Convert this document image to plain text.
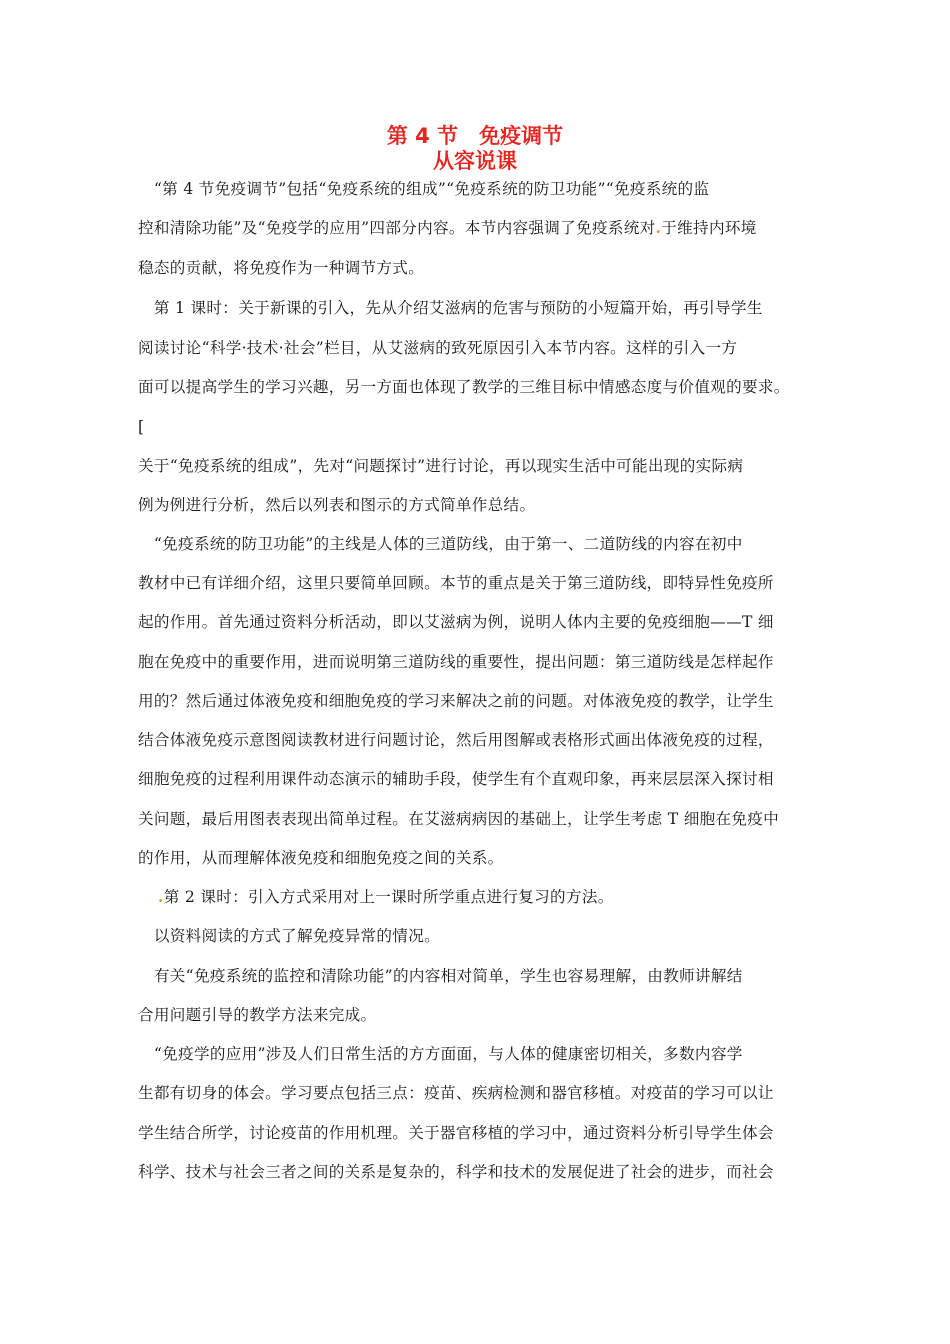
第 4 节　免疫调节
从容说课
　“第 4 节免疫调节”包括“免疫系统的组成”“免疫系统的防卫功能”“免疫系统的监
控和清除功能”及“免疫学的应用”四部分内容。本节内容强调了免疫系统对.于维持内环境
稳态的贡献，将免疫作为一种调节方式。
　第 1 课时：关于新课的引入，先从介绍艾滋病的危害与预防的小短篇开始，再引导学生
阅读讨论“科学·技术·社会”栏目，从艾滋病的致死原因引入本节内容。这样的引入一方
面可以提高学生的学习兴趣，另一方面也体现了教学的三维目标中情感态度与价值观的要求。
[
关于“免疫系统的组成”，先对“问题探讨”进行讨论，再以现实生活中可能出现的实际病
例为例进行分析，然后以列表和图示的方式简单作总结。
　“免疫系统的防卫功能”的主线是人体的三道防线，由于第一、二道防线的内容在初中
教材中已有详细介绍，这里只要简单回顾。本节的重点是关于第三道防线，即特异性免疫所
起的作用。首先通过资料分析活动，即以艾滋病为例，说明人体内主要的免疫细胞——T 细
胞在免疫中的重要作用，进而说明第三道防线的重要性，提出问题：第三道防线是怎样起作
用的？然后通过体液免疫和细胞免疫的学习来解决之前的问题。对体液免疫的教学，让学生
结合体液免疫示意图阅读教材进行问题讨论，然后用图解或表格形式画出体液免疫的过程，
细胞免疫的过程利用课件动态演示的辅助手段，使学生有个直观印象，再来层层深入探讨相
关问题，最后用图表表现出简单过程。在艾滋病病因的基础上，让学生考虑 T 细胞在免疫中
的作用，从而理解体液免疫和细胞免疫之间的关系。
.第 2 课时：引入方式采用对上一课时所学重点进行复习的方法。
　以资料阅读的方式了解免疫异常的情况。
　有关“免疫系统的监控和清除功能”的内容相对简单，学生也容易理解，由教师讲解结
合用问题引导的教学方法来完成。
　“免疫学的应用”涉及人们日常生活的方方面面，与人体的健康密切相关，多数内容学
生都有切身的体会。学习要点包括三点：疫苗、疾病检测和器官移植。对疫苗的学习可以让
学生结合所学，讨论疫苗的作用机理。关于器官移植的学习中，通过资料分析引导学生体会
科学、技术与社会三者之间的关系是复杂的，科学和技术的发展促进了社会的进步，而社会
